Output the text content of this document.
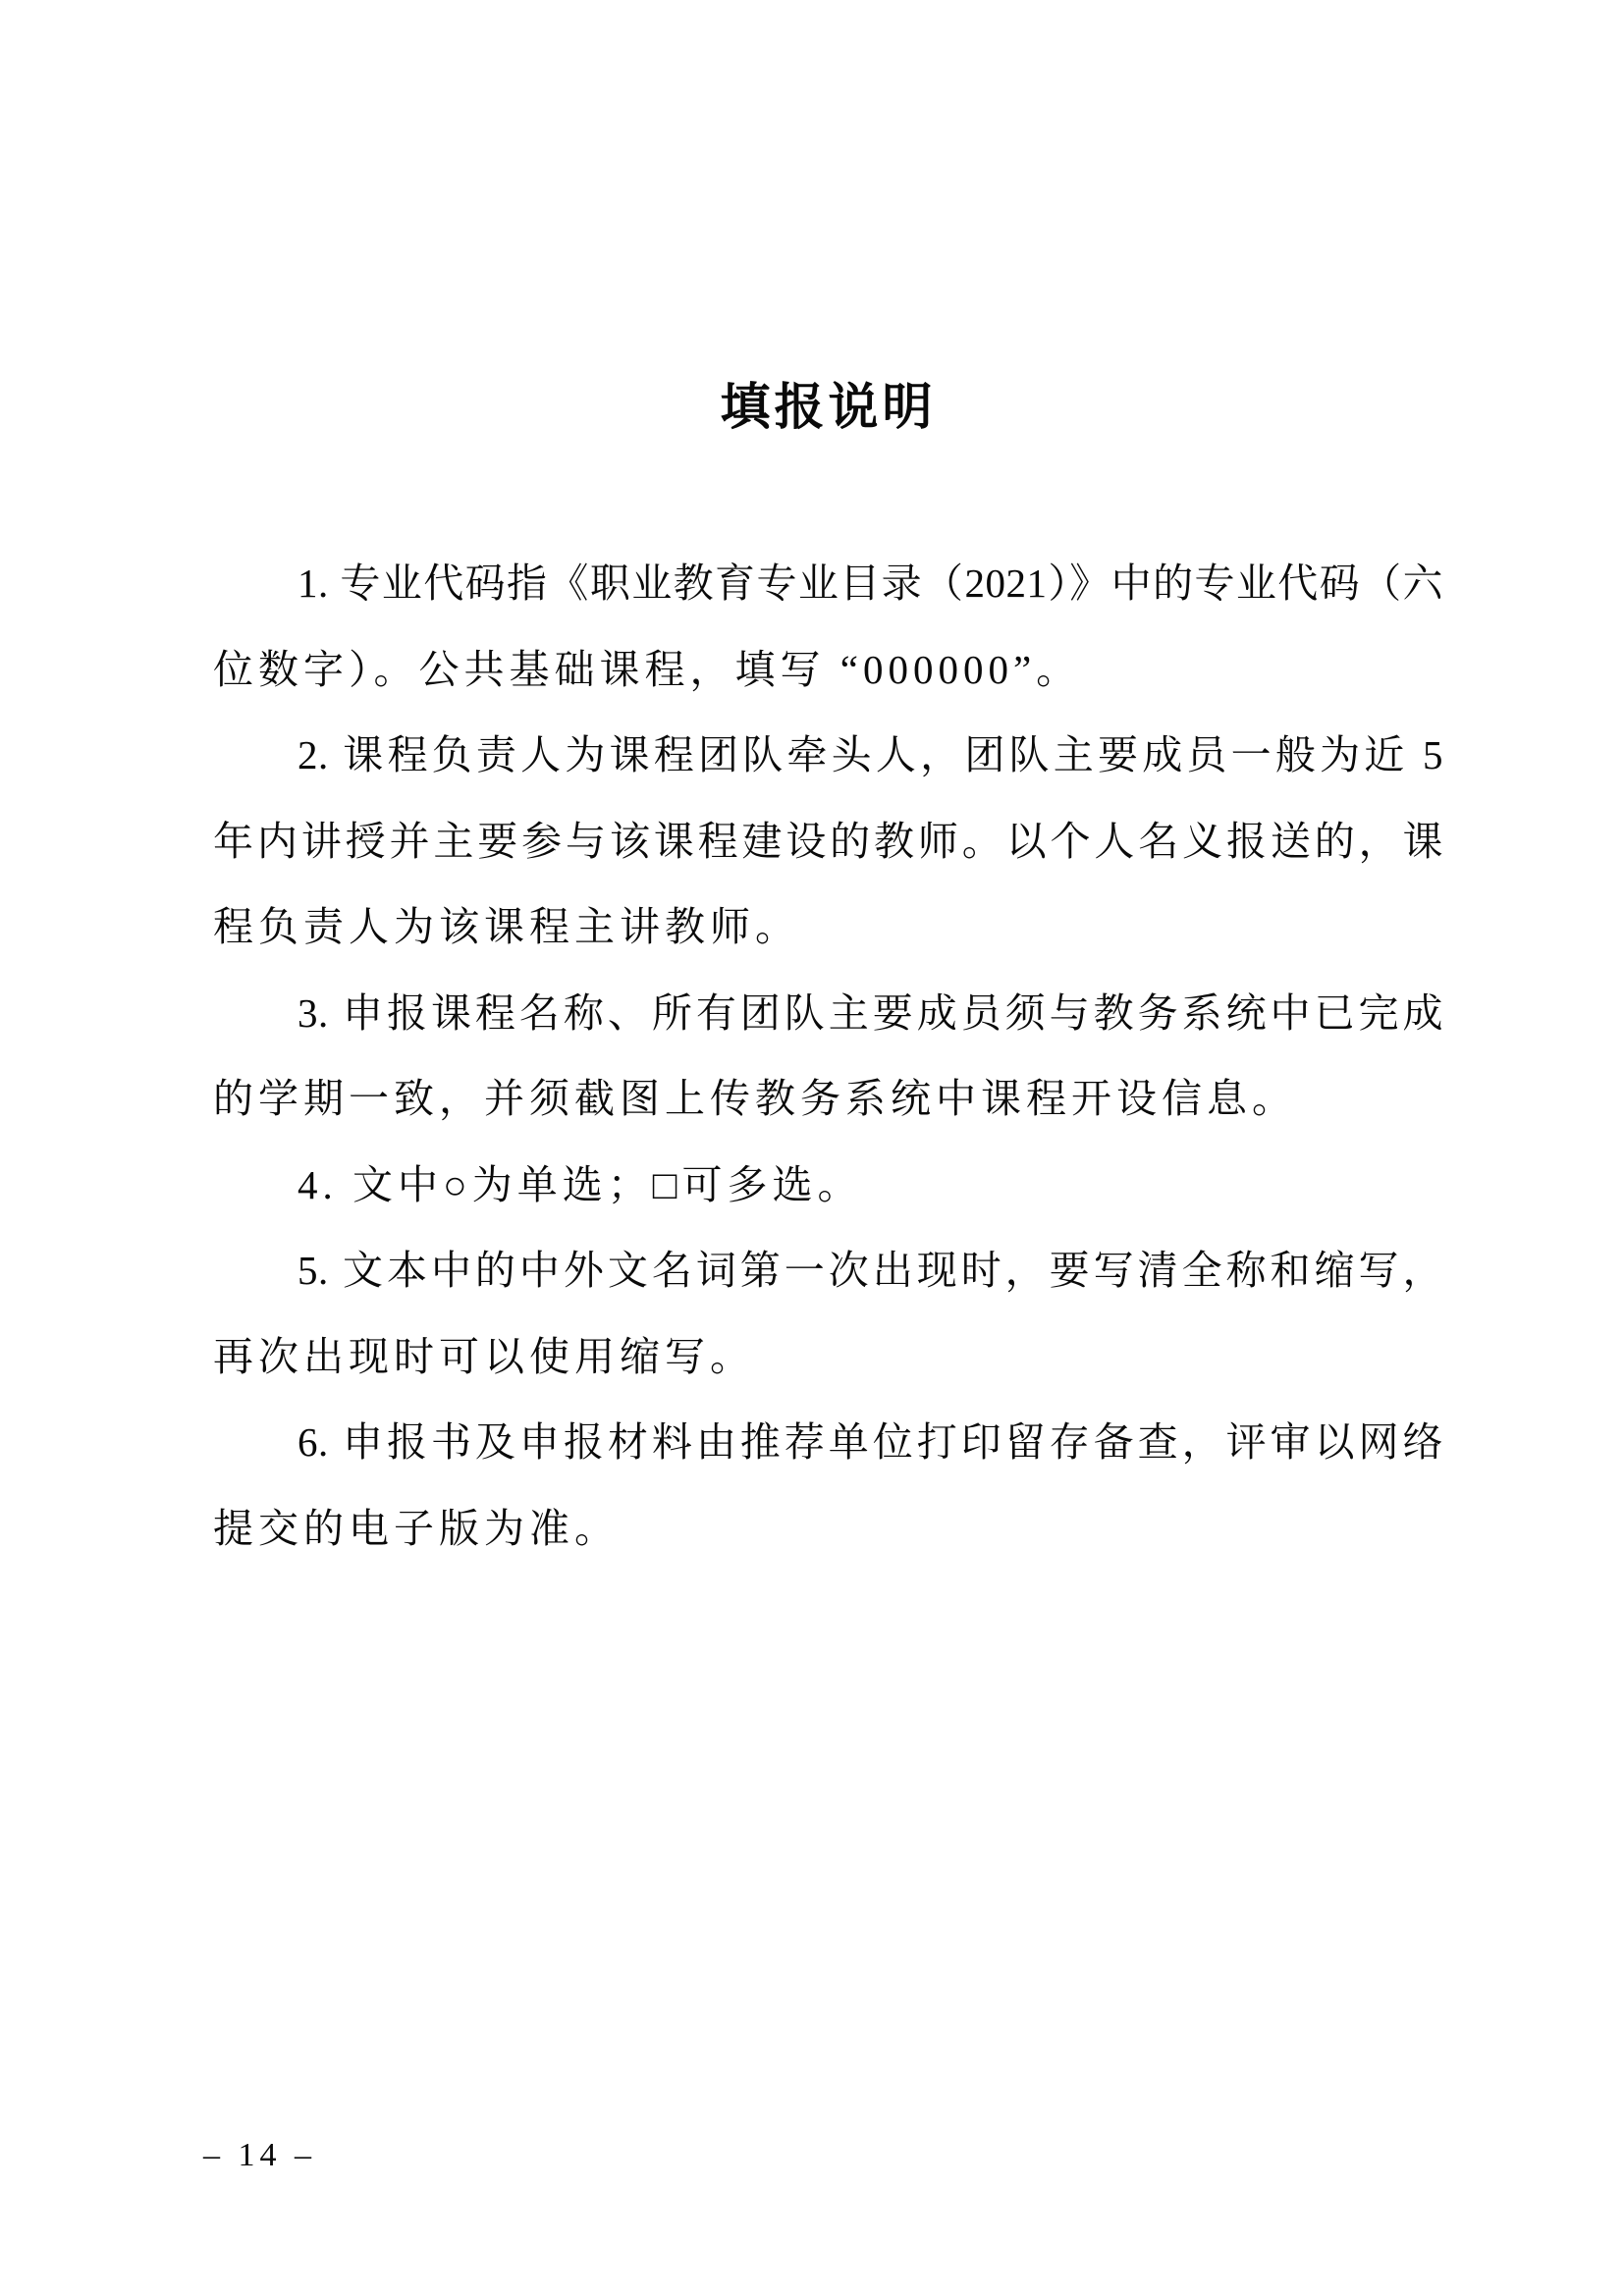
填报说明

1. 专业代码指《职业教育专业目录（2021）》中的专业代码（六
位数字）。公共基础课程，填写 “000000”。

2. 课程负责人为课程团队牵头人，团队主要成员一般为近 5
年内讲授并主要参与该课程建设的教师。以个人名义报送的，课
程负责人为该课程主讲教师。

3. 申报课程名称、所有团队主要成员须与教务系统中已完成
的学期一致，并须截图上传教务系统中课程开设信息。

4. 文中○为单选；□可多选。

5. 文本中的中外文名词第一次出现时，要写清全称和缩写，
再次出现时可以使用缩写。

6. 申报书及申报材料由推荐单位打印留存备查，评审以网络
提交的电子版为准。

– 14 –
